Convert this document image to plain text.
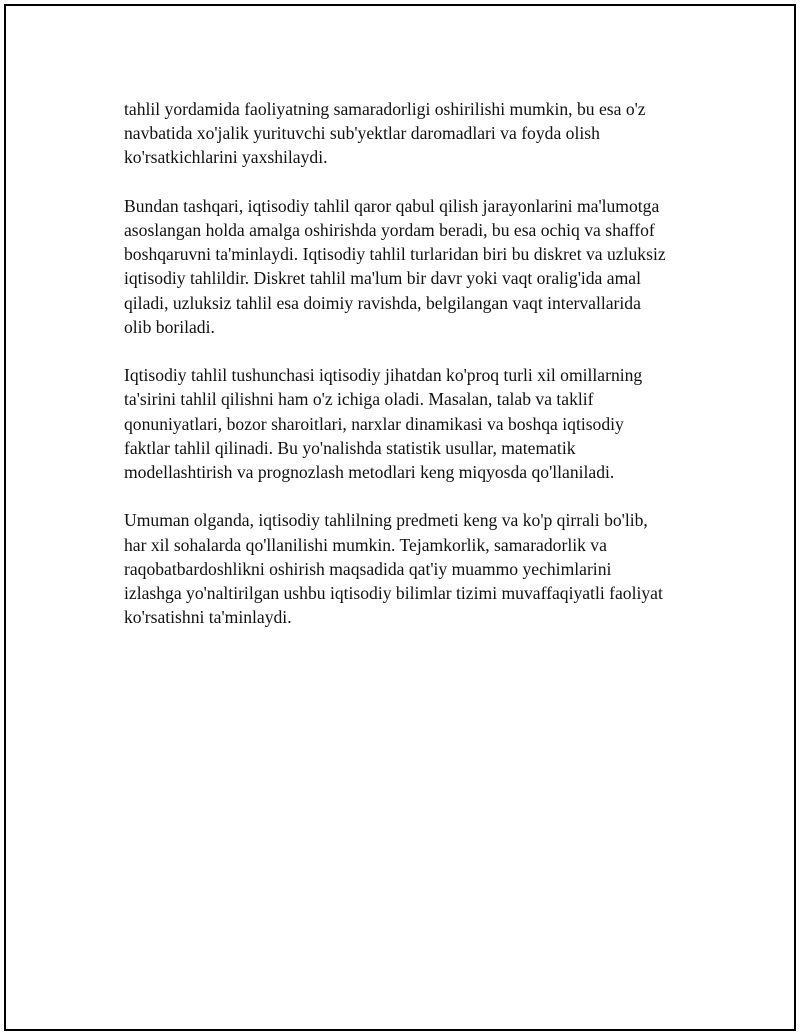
tahlil yordamida faoliyatning samaradorligi oshirilishi mumkin, bu esa o'z
navbatida xo'jalik yurituvchi sub'yektlar daromadlari va foyda olish
ko'rsatkichlarini yaxshilaydi.

Bundan tashqari, iqtisodiy tahlil qaror qabul qilish jarayonlarini ma'lumotga
asoslangan holda amalga oshirishda yordam beradi, bu esa ochiq va shaffof
boshqaruvni ta'minlaydi. Iqtisodiy tahlil turlaridan biri bu diskret va uzluksiz
iqtisodiy tahlildir. Diskret tahlil ma'lum bir davr yoki vaqt oralig'ida amal
qiladi, uzluksiz tahlil esa doimiy ravishda, belgilangan vaqt intervallarida
olib boriladi.

Iqtisodiy tahlil tushunchasi iqtisodiy jihatdan ko'proq turli xil omillarning
ta'sirini tahlil qilishni ham o'z ichiga oladi. Masalan, talab va taklif
qonuniyatlari, bozor sharoitlari, narxlar dinamikasi va boshqa iqtisodiy
faktlar tahlil qilinadi. Bu yo'nalishda statistik usullar, matematik
modellashtirish va prognozlash metodlari keng miqyosda qo'llaniladi.

Umuman olganda, iqtisodiy tahlilning predmeti keng va ko'p qirrali bo'lib,
har xil sohalarda qo'llanilishi mumkin. Tejamkorlik, samaradorlik va
raqobatbardoshlikni oshirish maqsadida qat'iy muammo yechimlarini
izlashga yo'naltirilgan ushbu iqtisodiy bilimlar tizimi muvaffaqiyatli faoliyat
ko'rsatishni ta'minlaydi.
